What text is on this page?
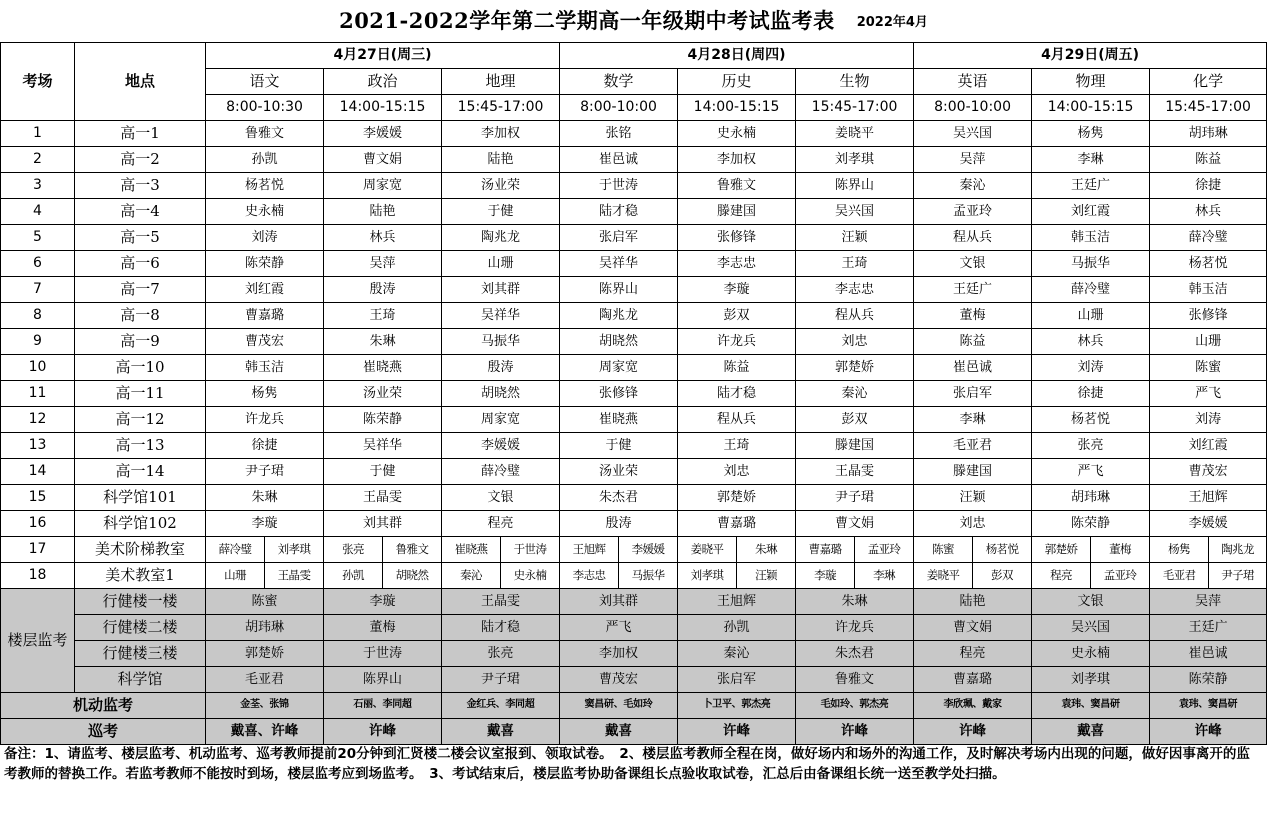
2021-2022学年第二学期高一年级期中考试监考表 2022年4月
考场	地点	4月27日(周三)						4月28日(周四)						4月29日(周五)					
		语文		政治		地理		数学		历史		生物		英语		物理		化学	
		8:00-10:30		14:00-15:15		15:45-17:00		8:00-10:00		14:00-15:15		15:45-17:00		8:00-10:00		14:00-15:15		15:45-17:00	
1	高一1	鲁雅文		李媛媛		李加权		张铭		史永楠		姜晓平		吴兴国		杨隽		胡玮琳	
2	高一2	孙凯		曹文娟		陆艳		崔邑诚		李加权		刘孝琪		吴萍		李琳		陈益	
3	高一3	杨茗悦		周家宽		汤业荣		于世涛		鲁雅文		陈界山		秦沁		王廷广		徐捷	
4	高一4	史永楠		陆艳		于健		陆才稳		滕建国		吴兴国		孟亚玲		刘红霞		林兵	
5	高一5	刘涛		林兵		陶兆龙		张启军		张修锋		汪颖		程从兵		韩玉洁		薛冷璧	
6	高一6	陈荣静		吴萍		山珊		吴祥华		李志忠		王琦		文银		马振华		杨茗悦	
7	高一7	刘红霞		殷涛		刘其群		陈界山		李璇		李志忠		王廷广		薛冷璧		韩玉洁	
8	高一8	曹嘉璐		王琦		吴祥华		陶兆龙		彭双		程从兵		董梅		山珊		张修锋	
9	高一9	曹茂宏		朱琳		马振华		胡晓然		许龙兵		刘忠		陈益		林兵		山珊	
10	高一10	韩玉洁		崔晓燕		殷涛		周家宽		陈益		郭楚娇		崔邑诚		刘涛		陈蜜	
11	高一11	杨隽		汤业荣		胡晓然		张修锋		陆才稳		秦沁		张启军		徐捷		严飞	
12	高一12	许龙兵		陈荣静		周家宽		崔晓燕		程从兵		彭双		李琳		杨茗悦		刘涛	
13	高一13	徐捷		吴祥华		李媛媛		于健		王琦		滕建国		毛亚君		张亮		刘红霞	
14	高一14	尹子珺		于健		薛冷璧		汤业荣		刘忠		王晶雯		滕建国		严飞		曹茂宏	
15	科学馆101	朱琳		王晶雯		文银		朱杰君		郭楚娇		尹子珺		汪颖		胡玮琳		王旭辉	
16	科学馆102	李璇		刘其群		程亮		殷涛		曹嘉璐		曹文娟		刘忠		陈荣静		李媛媛	
17	美术阶梯教室	薛冷璧	刘孝琪	张亮	鲁雅文	崔晓燕	于世涛	王旭辉	李媛媛	姜晓平	朱琳	曹嘉璐	孟亚玲	陈蜜	杨茗悦	郭楚娇	董梅	杨隽	陶兆龙
18	美术教室1	山珊	王晶雯	孙凯	胡晓然	秦沁	史永楠	李志忠	马振华	刘孝琪	汪颖	李璇	李琳	姜晓平	彭双	程亮	孟亚玲	毛亚君	尹子珺
楼层监考	行健楼一楼	陈蜜		李璇		王晶雯		刘其群		王旭辉		朱琳		陆艳		文银		吴萍	
	行健楼二楼	胡玮琳		董梅		陆才稳		严飞		孙凯		许龙兵		曹文娟		吴兴国		王廷广	
	行健楼三楼	郭楚娇		于世涛		张亮		李加权		秦沁		朱杰君		程亮		史永楠		崔邑诚	
	科学馆	毛亚君		陈界山		尹子珺		曹茂宏		张启军		鲁雅文		曹嘉璐		刘孝琪		陈荣静	
机动监考		金荃、张锦		石丽、李同超		金红兵、李同超		窦昌研、毛如玲		卜卫平、郭杰亮		毛如玲、郭杰亮		李欣珮、戴家		袁玮、窦昌研		袁玮、窦昌研	
巡考		戴喜、许峰		许峰		戴喜		戴喜		许峰		许峰		许峰		戴喜		许峰	
备注：1、请监考、楼层监考、机动监考、巡考教师提前20分钟到汇贤楼二楼会议室报到、领取试卷。　2、楼层监考教师全程在岗，做好场内和场外的沟通工作，及时解决考场内出现的问题，做好因事离开的监考教师的替换工作。若监考教师不能按时到场，楼层监考应到场监考。　3、考试结束后，楼层监考协助备课组长点验收取试卷，汇总后由备课组长统一送至教学处扫描。
